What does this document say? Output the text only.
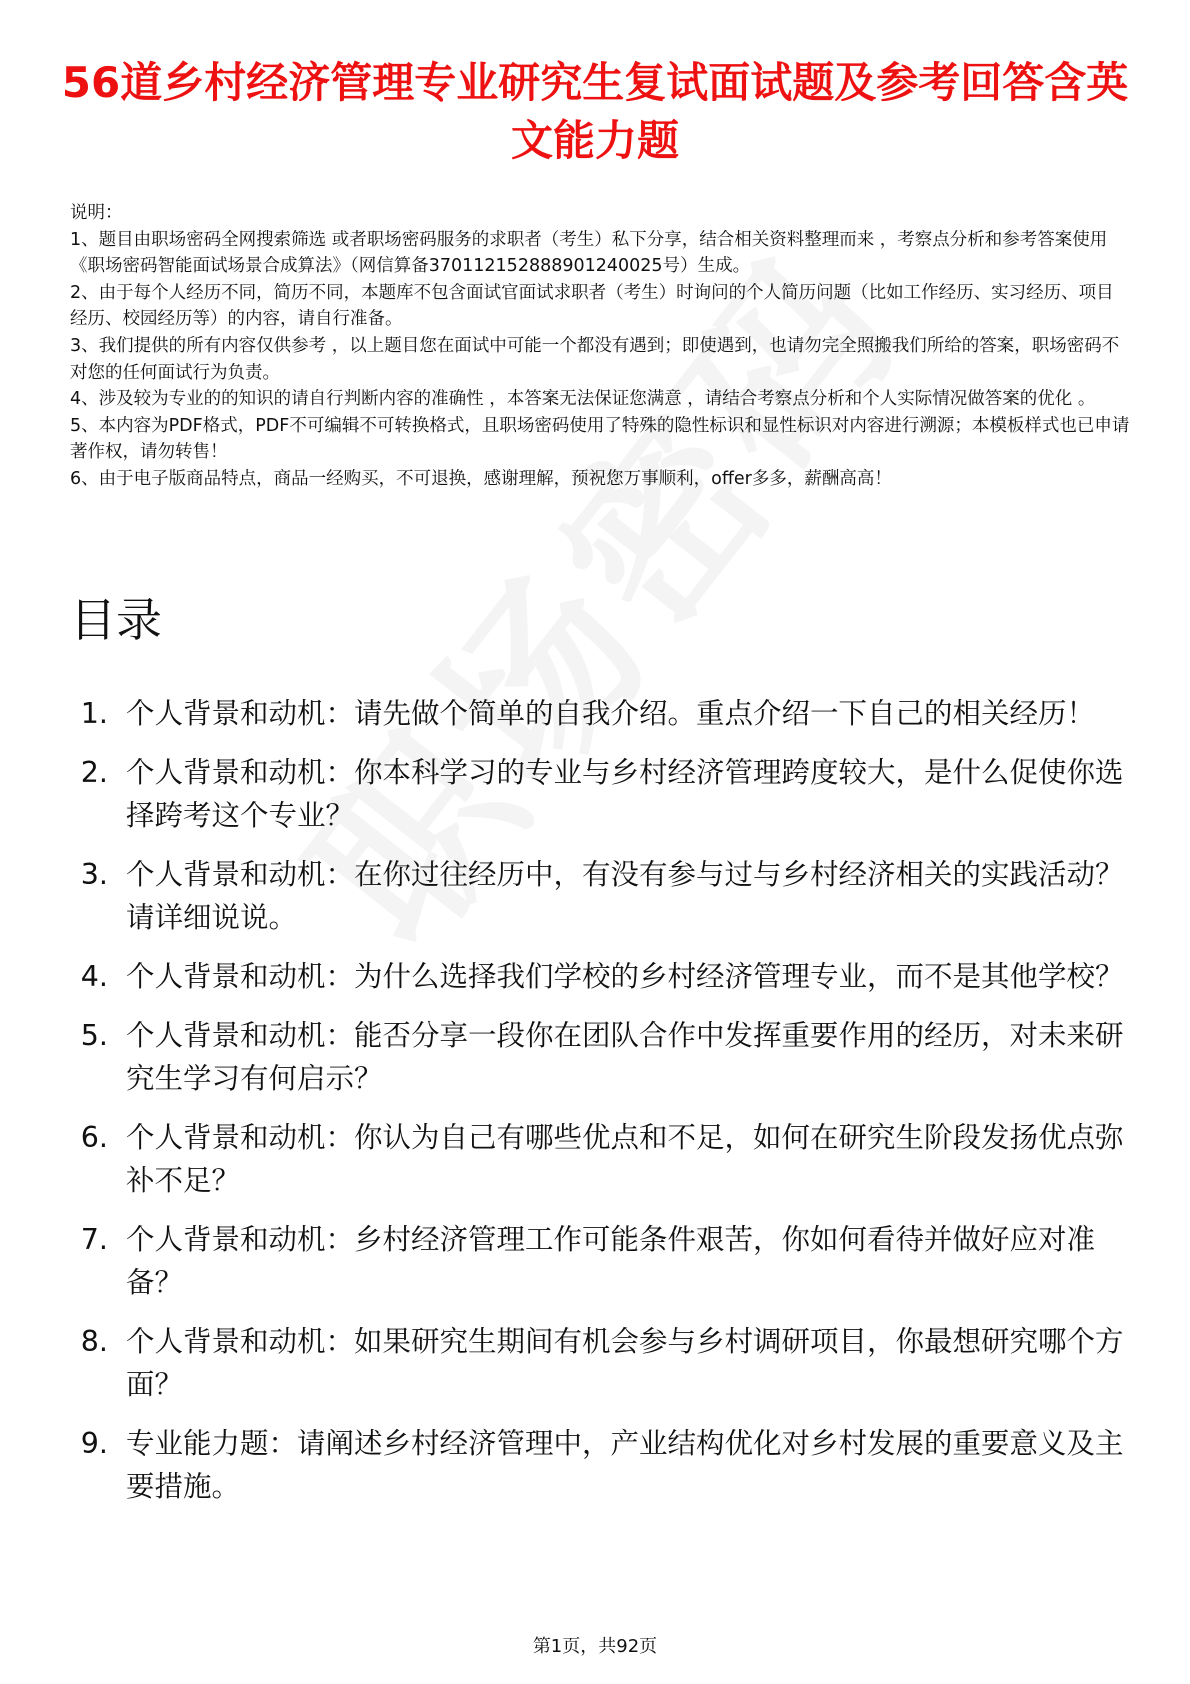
56道乡村经济管理专业研究生复试面试题及参考回答含英文能力题
说明：
1、题目由职场密码全网搜索筛选 或者职场密码服务的求职者（考生）私下分享，结合相关资料整理而来 ，考察点分析和参考答案使用《职场密码智能面试场景合成算法》（网信算备370112152888901240025号）生成。
2、由于每个人经历不同，简历不同，本题库不包含面试官面试求职者（考生）时询问的个人简历问题（比如工作经历、实习经历、项目经历、校园经历等）的内容，请自行准备。
3、我们提供的所有内容仅供参考 ，以上题目您在面试中可能一个都没有遇到；即使遇到，也请勿完全照搬我们所给的答案，职场密码不对您的任何面试行为负责。
4、涉及较为专业的的知识的请自行判断内容的准确性 ，本答案无法保证您满意 ，请结合考察点分析和个人实际情况做答案的优化 。
5、本内容为PDF格式，PDF不可编辑不可转换格式，且职场密码使用了特殊的隐性标识和显性标识对内容进行溯源；本模板样式也已申请著作权，请勿转售！
6、由于电子版商品特点，商品一经购买，不可退换，感谢理解，预祝您万事顺利，offer多多，薪酬高高！
目录
1. 个人背景和动机：请先做个简单的自我介绍。重点介绍一下自己的相关经历！
2. 个人背景和动机：你本科学习的专业与乡村经济管理跨度较大，是什么促使你选择跨考这个专业？
3. 个人背景和动机：在你过往经历中，有没有参与过与乡村经济相关的实践活动？请详细说说。
4. 个人背景和动机：为什么选择我们学校的乡村经济管理专业，而不是其他学校？
5. 个人背景和动机：能否分享一段你在团队合作中发挥重要作用的经历，对未来研究生学习有何启示？
6. 个人背景和动机：你认为自己有哪些优点和不足，如何在研究生阶段发扬优点弥补不足？
7. 个人背景和动机：乡村经济管理工作可能条件艰苦，你如何看待并做好应对准备？
8. 个人背景和动机：如果研究生期间有机会参与乡村调研项目，你最想研究哪个方面？
9. 专业能力题：请阐述乡村经济管理中，产业结构优化对乡村发展的重要意义及主要措施。
第1页，共92页
